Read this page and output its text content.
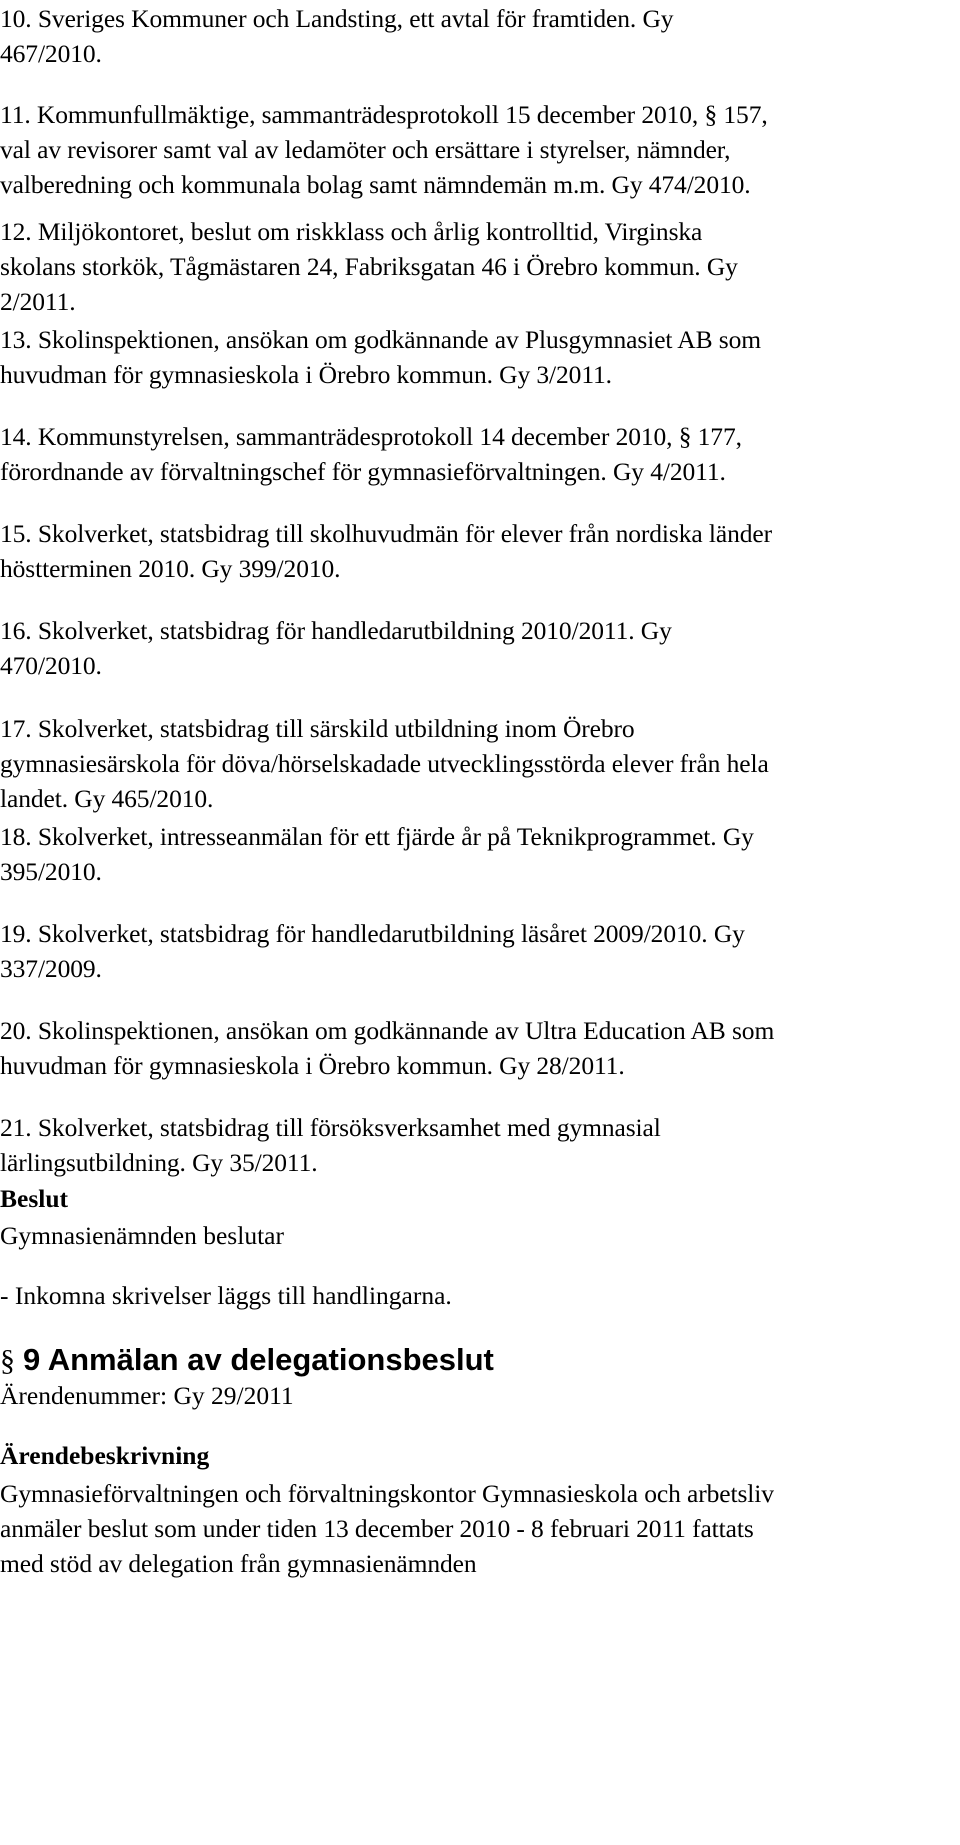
10. Sveriges Kommuner och Landsting, ett avtal för framtiden. Gy
467/2010.
11. Kommunfullmäktige, sammanträdesprotokoll 15 december 2010, § 157,
val av revisorer samt val av ledamöter och ersättare i styrelser, nämnder,
valberedning och kommunala bolag samt nämndemän m.m. Gy 474/2010.
12. Miljökontoret, beslut om riskklass och årlig kontrolltid, Virginska
skolans storkök, Tågmästaren 24, Fabriksgatan 46 i Örebro kommun. Gy
2/2011.
13. Skolinspektionen, ansökan om godkännande av Plusgymnasiet AB som
huvudman för gymnasieskola i Örebro kommun. Gy 3/2011.
14. Kommunstyrelsen, sammanträdesprotokoll 14 december 2010, § 177,
förordnande av förvaltningschef för gymnasieförvaltningen. Gy 4/2011.
15. Skolverket, statsbidrag till skolhuvudmän för elever från nordiska länder
höstterminen 2010. Gy 399/2010.
16. Skolverket, statsbidrag för handledarutbildning 2010/2011. Gy
470/2010.
17. Skolverket, statsbidrag till särskild utbildning inom Örebro
gymnasiesärskola för döva/hörselskadade utvecklingsstörda elever från hela
landet. Gy 465/2010.
18. Skolverket, intresseanmälan för ett fjärde år på Teknikprogrammet. Gy
395/2010.
19. Skolverket, statsbidrag för handledarutbildning läsåret 2009/2010. Gy
337/2009.
20. Skolinspektionen, ansökan om godkännande av Ultra Education AB som
huvudman för gymnasieskola i Örebro kommun. Gy 28/2011.
21. Skolverket, statsbidrag till försöksverksamhet med gymnasial
lärlingsutbildning. Gy 35/2011.
Beslut
Gymnasienämnden beslutar
- Inkomna skrivelser läggs till handlingarna.
§ 9 Anmälan av delegationsbeslut
Ärendenummer: Gy 29/2011
Ärendebeskrivning
Gymnasieförvaltningen och förvaltningskontor Gymnasieskola och arbetsliv
anmäler beslut som under tiden 13 december 2010 - 8 februari 2011 fattats
med stöd av delegation från gymnasienämnden
